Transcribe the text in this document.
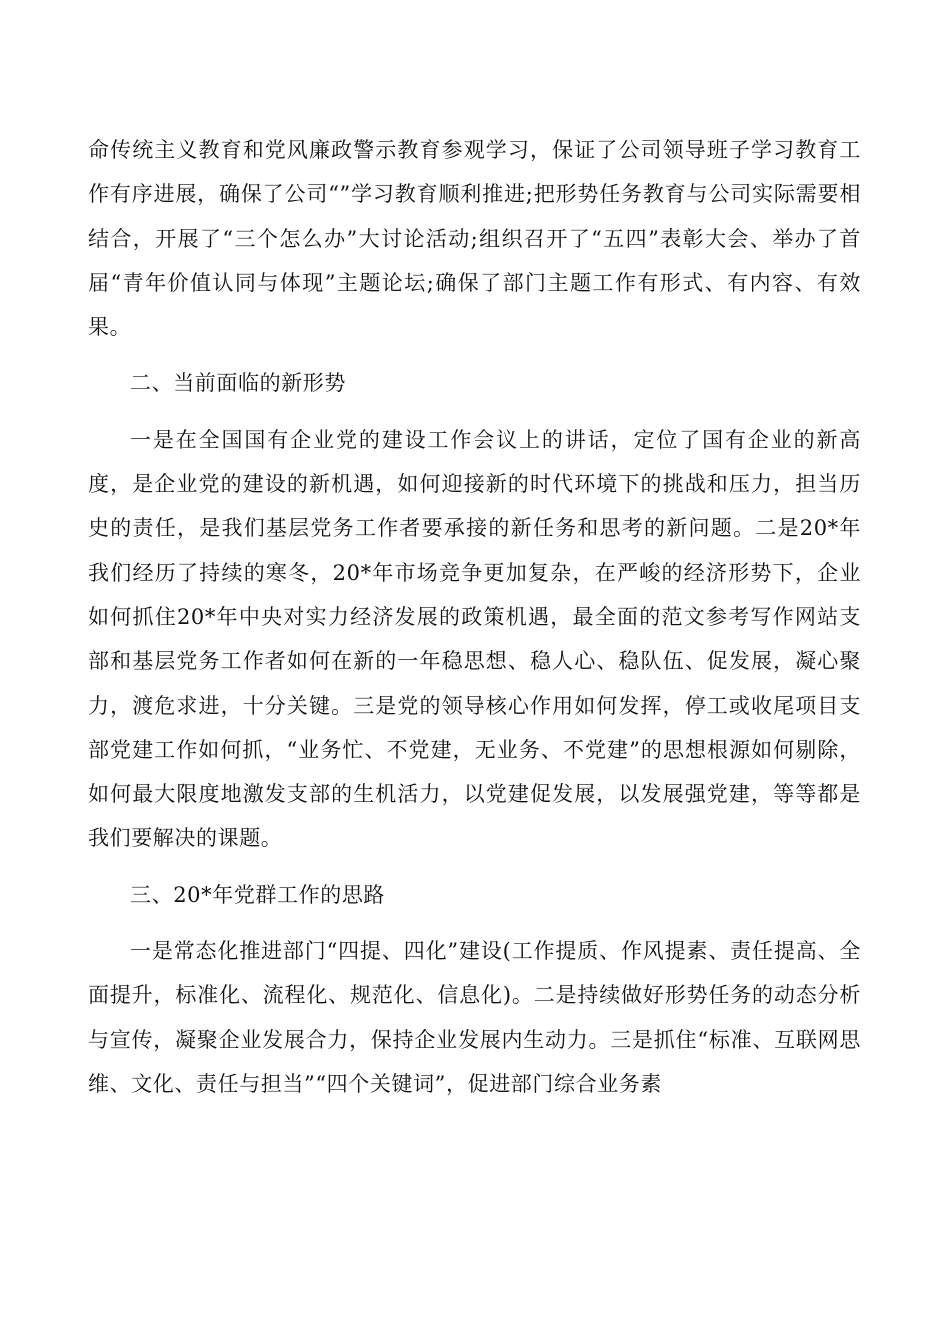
命传统主义教育和党风廉政警示教育参观学习，保证了公司领导班子学习教育工作有序进展，确保了公司“”学习教育顺利推进;把形势任务教育与公司实际需要相结合，开展了“三个怎么办”大讨论活动;组织召开了“五四”表彰大会、举办了首届“青年价值认同与体现”主题论坛;确保了部门主题工作有形式、有内容、有效果。

二、当前面临的新形势

一是在全国国有企业党的建设工作会议上的讲话，定位了国有企业的新高度，是企业党的建设的新机遇，如何迎接新的时代环境下的挑战和压力，担当历史的责任，是我们基层党务工作者要承接的新任务和思考的新问题。二是20*年我们经历了持续的寒冬，20*年市场竞争更加复杂，在严峻的经济形势下，企业如何抓住20*年中央对实力经济发展的政策机遇，最全面的范文参考写作网站支部和基层党务工作者如何在新的一年稳思想、稳人心、稳队伍、促发展，凝心聚力，渡危求进，十分关键。三是党的领导核心作用如何发挥，停工或收尾项目支部党建工作如何抓，“业务忙、不党建，无业务、不党建”的思想根源如何剔除，如何最大限度地激发支部的生机活力，以党建促发展，以发展强党建，等等都是我们要解决的课题。

三、20*年党群工作的思路

一是常态化推进部门“四提、四化”建设(工作提质、作风提素、责任提高、全面提升，标准化、流程化、规范化、信息化)。二是持续做好形势任务的动态分析与宣传，凝聚企业发展合力，保持企业发展内生动力。三是抓住“标准、互联网思维、文化、责任与担当”“四个关键词”，促进部门综合业务素
